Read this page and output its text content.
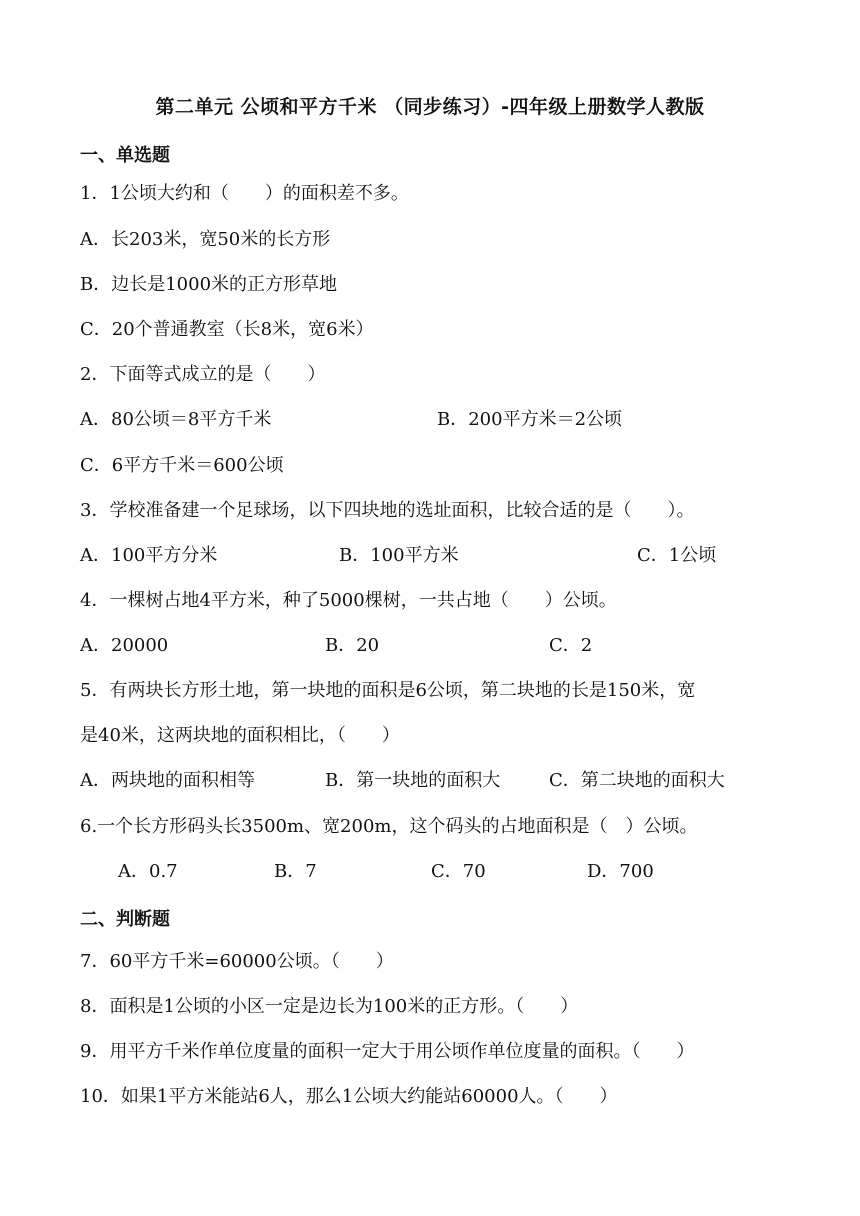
第二单元 公顷和平方千米 （同步练习）-四年级上册数学人教版
一、单选题
1．1公顷大约和（　　）的面积差不多。
A．长203米，宽50米的长方形
B．边长是1000米的正方形草地
C．20个普通教室（长8米，宽6米）
2．下面等式成立的是（　　）
A．80公顷＝8平方千米	B．200平方米＝2公顷
C．6平方千米＝600公顷
3．学校准备建一个足球场，以下四块地的选址面积，比较合适的是（　　）。
A．100平方分米	B．100平方米	C．1公顷
4．一棵树占地4平方米，种了5000棵树，一共占地（　　）公顷。
A．20000	B．20	C．2
5．有两块长方形土地，第一块地的面积是6公顷，第二块地的长是150米，宽
是40米，这两块地的面积相比，（　　）
A．两块地的面积相等	B．第一块地的面积大	C．第二块地的面积大
6.一个长方形码头长3500m、宽200m，这个码头的占地面积是（　）公顷。
A．0.7	B．7	C．70	D．700
二、判断题
7．60平方千米=60000公顷。（　　）
8．面积是1公顷的小区一定是边长为100米的正方形。（　　）
9．用平方千米作单位度量的面积一定大于用公顷作单位度量的面积。（　　）
10．如果1平方米能站6人，那么1公顷大约能站60000人。（　　）
